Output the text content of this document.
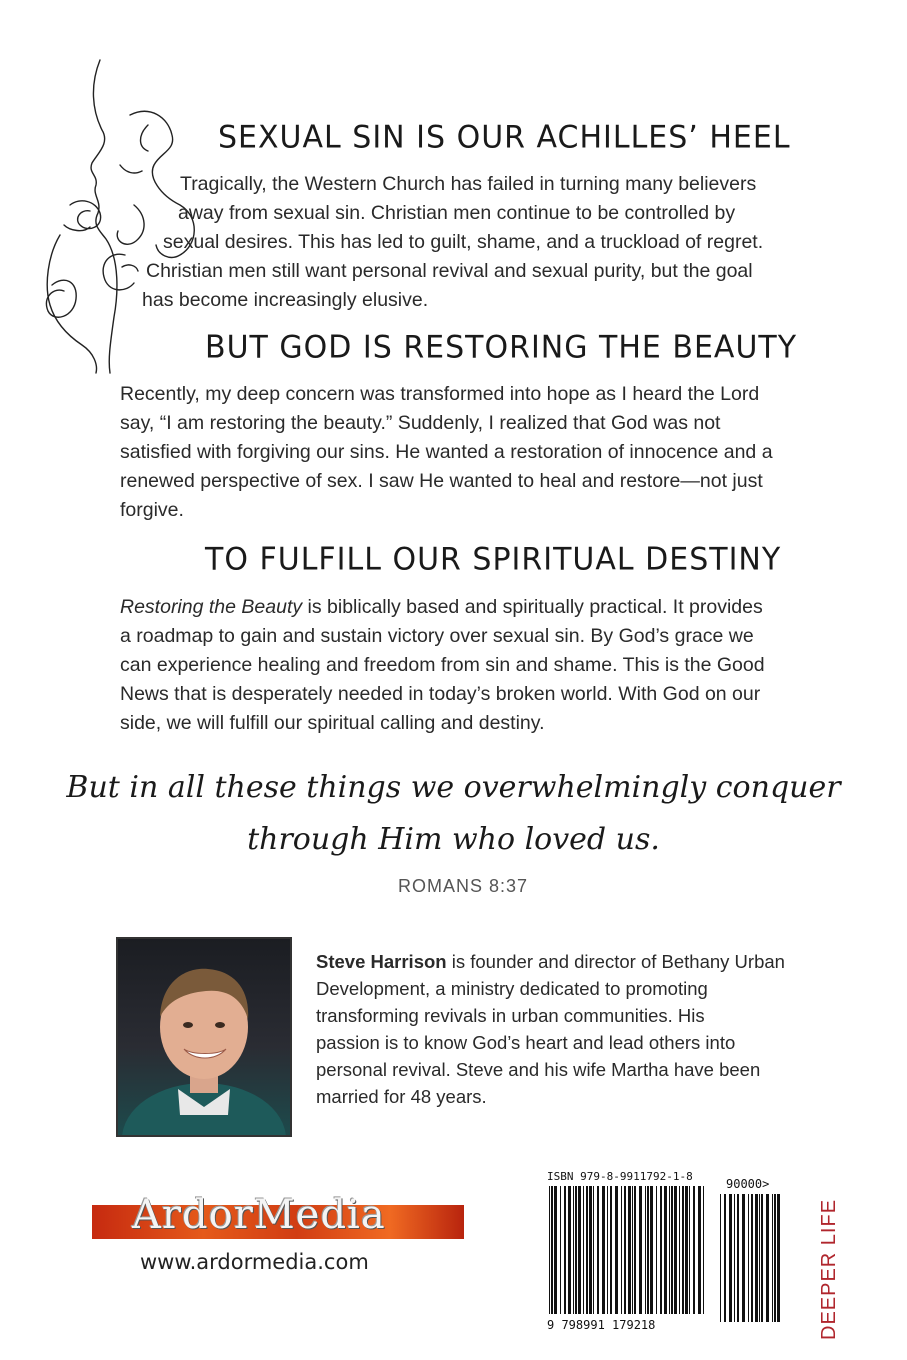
SEXUAL SIN IS OUR ACHILLES’ HEEL
Tragically, the Western Church has failed in turning many believers
away from sexual sin. Christian men continue to be controlled by
sexual desires. This has led to guilt, shame, and a truckload of regret.
Christian men still want personal revival and sexual purity, but the goal
has become increasingly elusive.
BUT GOD IS RESTORING THE BEAUTY
Recently, my deep concern was transformed into hope as I heard the Lord
say, “I am restoring the beauty.” Suddenly, I realized that God was not
satisfied with forgiving our sins. He wanted a restoration of innocence and a
renewed perspective of sex. I saw He wanted to heal and restore—not just
forgive.
TO FULFILL OUR SPIRITUAL DESTINY
Restoring the Beauty is biblically based and spiritually practical. It provides
a roadmap to gain and sustain victory over sexual sin. By God’s grace we
can experience healing and freedom from sin and shame. This is the Good
News that is desperately needed in today’s broken world. With God on our
side, we will fulfill our spiritual calling and destiny.
But in all these things we overwhelmingly conquer
through Him who loved us.
ROMANS 8:37
Steve Harrison is founder and director of Bethany Urban
Development, a ministry dedicated to promoting
transforming revivals in urban communities. His
passion is to know God’s heart and lead others into
personal revival. Steve and his wife Martha have been
married for 48 years.
ArdorMedia
www.ardormedia.com
ISBN 979-8-9911792-1-8
9 798991 179218
90000>
DEEPER LIFE
